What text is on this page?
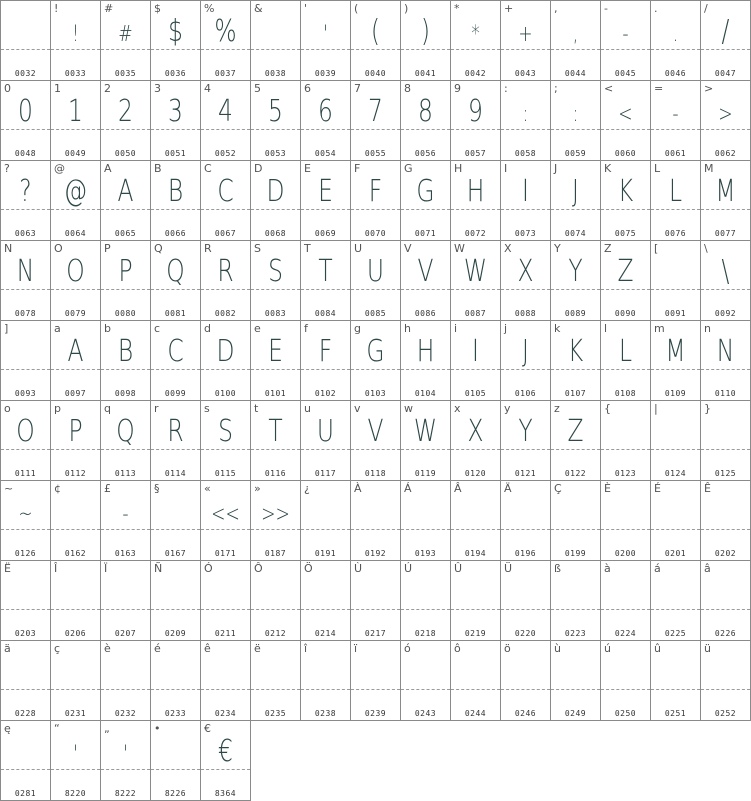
0032
!
!
0033
#
#
0035
$
$
0036
%
%
0037
&
0038
'
'
0039
(
(
0040
)
)
0041
*
*
0042
+
+
0043
,
,
0044
-
-
0045
.
.
0046
/
/
0047
0
0
0048
1
1
0049
2
2
0050
3
3
0051
4
4
0052
5
5
0053
6
6
0054
7
7
0055
8
8
0056
9
9
0057
:
:
0058
;
:
0059
<
<
0060
=
-
0061
>
>
0062
?
?
0063
@
@
0064
A
A
0065
B
B
0066
C
C
0067
D
D
0068
E
E
0069
F
F
0070
G
G
0071
H
H
0072
I
I
0073
J
J
0074
K
K
0075
L
L
0076
M
M
0077
N
N
0078
O
O
0079
P
P
0080
Q
Q
0081
R
R
0082
S
S
0083
T
T
0084
U
U
0085
V
V
0086
W
W
0087
X
X
0088
Y
Y
0089
Z
Z
0090
[
0091
\
\
0092
]
0093
a
A
0097
b
B
0098
c
C
0099
d
D
0100
e
E
0101
f
F
0102
g
G
0103
h
H
0104
i
I
0105
j
J
0106
k
K
0107
l
L
0108
m
M
0109
n
N
0110
o
O
0111
p
P
0112
q
Q
0113
r
R
0114
s
S
0115
t
T
0116
u
U
0117
v
V
0118
w
W
0119
x
X
0120
y
Y
0121
z
Z
0122
{
0123
|
0124
}
0125
~
~
0126
¢
0162
£
-
0163
§
0167
«
<<
0171
»
>>
0187
¿
0191
À
0192
Á
0193
Â
0194
Ä
0196
Ç
0199
È
0200
É
0201
Ê
0202
Ë
0203
Î
0206
Ï
0207
Ñ
0209
Ó
0211
Ô
0212
Ö
0214
Ù
0217
Ú
0218
Û
0219
Ü
0220
ß
0223
à
0224
á
0225
â
0226
ä
0228
ç
0231
è
0232
é
0233
ê
0234
ë
0235
î
0238
ï
0239
ó
0243
ô
0244
ö
0246
ù
0249
ú
0250
û
0251
ü
0252
ę
0281
“
'
8220
„
'
8222
•
8226
€
€
8364
